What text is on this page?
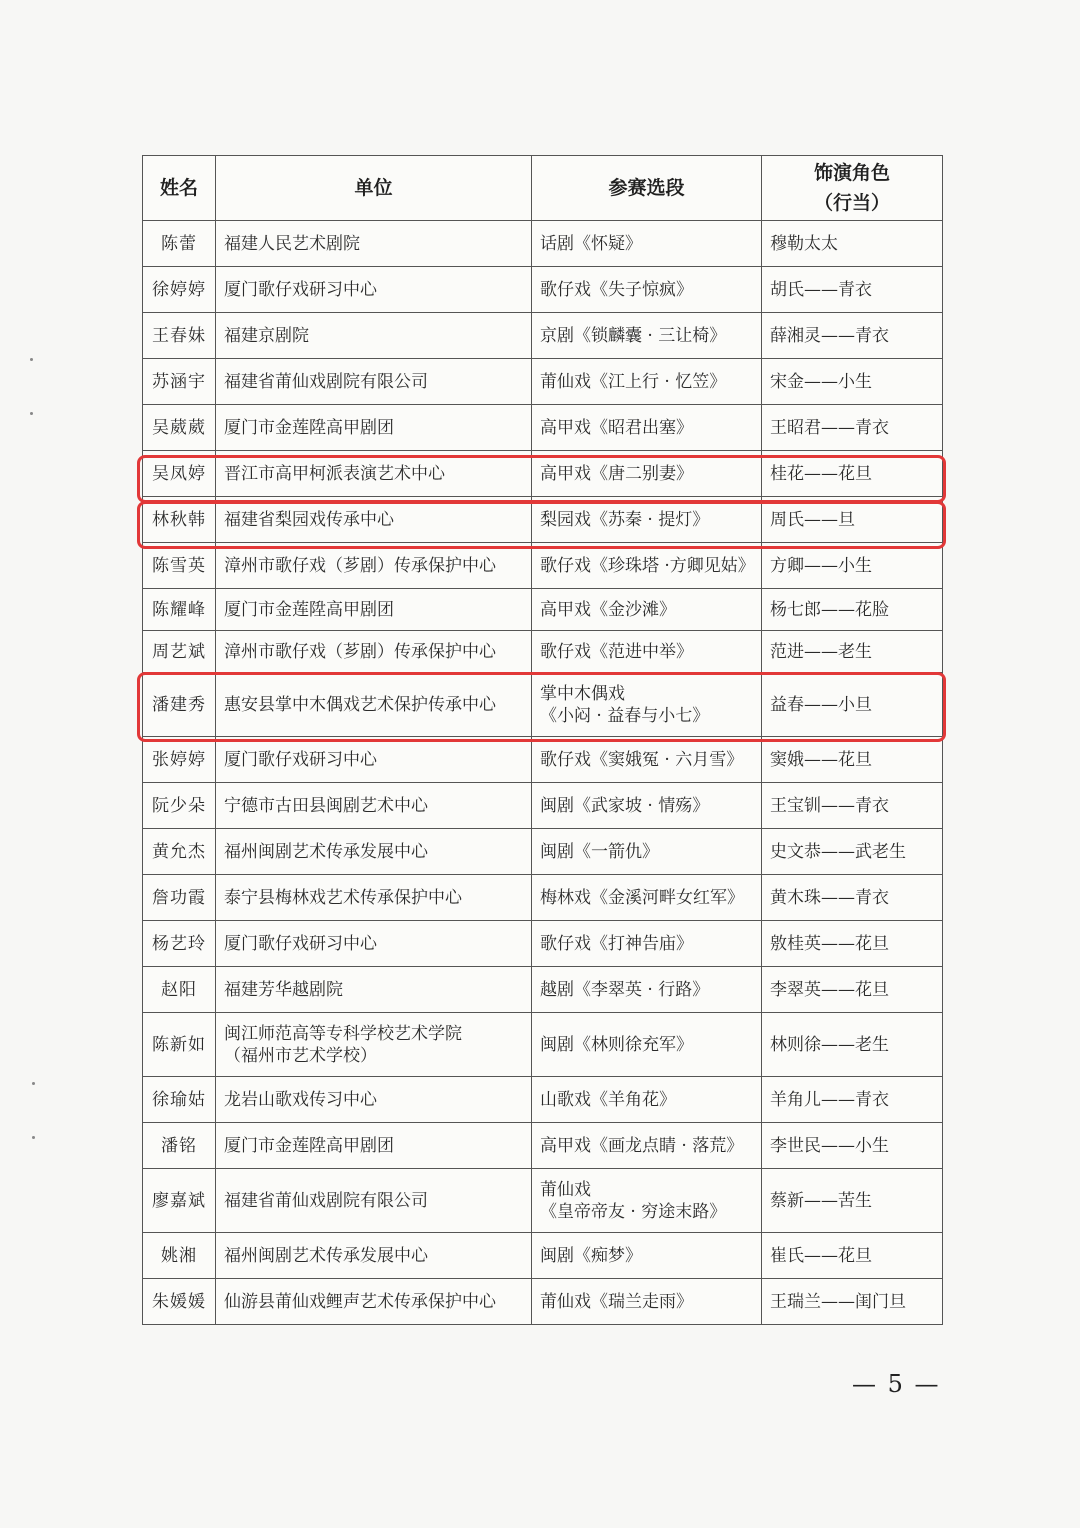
姓名	单位	参赛选段	饰演角色
（行当）
陈蕾	福建人民艺术剧院	话剧《怀疑》	穆勒太太
徐婷婷	厦门歌仔戏研习中心	歌仔戏《失子惊疯》	胡氏——青衣
王春妹	福建京剧院	京剧《锁麟囊 · 三让椅》	薛湘灵——青衣
苏涵宇	福建省莆仙戏剧院有限公司	莆仙戏《江上行 · 忆笠》	宋金——小生
吴葳葳	厦门市金莲陞高甲剧团	高甲戏《昭君出塞》	王昭君——青衣
吴凤婷	晋江市高甲柯派表演艺术中心	高甲戏《唐二别妻》	桂花——花旦
林秋韩	福建省梨园戏传承中心	梨园戏《苏秦 · 提灯》	周氏——旦
陈雪英	漳州市歌仔戏（芗剧）传承保护中心	歌仔戏《珍珠塔 ·方卿见姑》	方卿——小生
陈耀峰	厦门市金莲陞高甲剧团	高甲戏《金沙滩》	杨七郎——花脸
周艺斌	漳州市歌仔戏（芗剧）传承保护中心	歌仔戏《范进中举》	范进——老生
潘建秀	惠安县掌中木偶戏艺术保护传承中心	掌中木偶戏
《小闷 · 益春与小七》	益春——小旦
张婷婷	厦门歌仔戏研习中心	歌仔戏《窦娥冤 · 六月雪》	窦娥——花旦
阮少朵	宁德市古田县闽剧艺术中心	闽剧《武家坡 · 情殇》	王宝钏——青衣
黄允杰	福州闽剧艺术传承发展中心	闽剧《一箭仇》	史文恭——武老生
詹功霞	泰宁县梅林戏艺术传承保护中心	梅林戏《金溪河畔女红军》	黄木珠——青衣
杨艺玲	厦门歌仔戏研习中心	歌仔戏《打神告庙》	敫桂英——花旦
赵阳	福建芳华越剧院	越剧《李翠英 · 行路》	李翠英——花旦
陈新如	闽江师范高等专科学校艺术学院
（福州市艺术学校）	闽剧《林则徐充军》	林则徐——老生
徐瑜姑	龙岩山歌戏传习中心	山歌戏《羊角花》	羊角儿——青衣
潘铭	厦门市金莲陞高甲剧团	高甲戏《画龙点睛 · 落荒》	李世民——小生
廖嘉斌	福建省莆仙戏剧院有限公司	莆仙戏
《皇帝帝友 · 穷途末路》	蔡新——苦生
姚湘	福州闽剧艺术传承发展中心	闽剧《痴梦》	崔氏——花旦
朱媛媛	仙游县莆仙戏鲤声艺术传承保护中心	莆仙戏《瑞兰走雨》	王瑞兰——闺门旦
— 5 —
